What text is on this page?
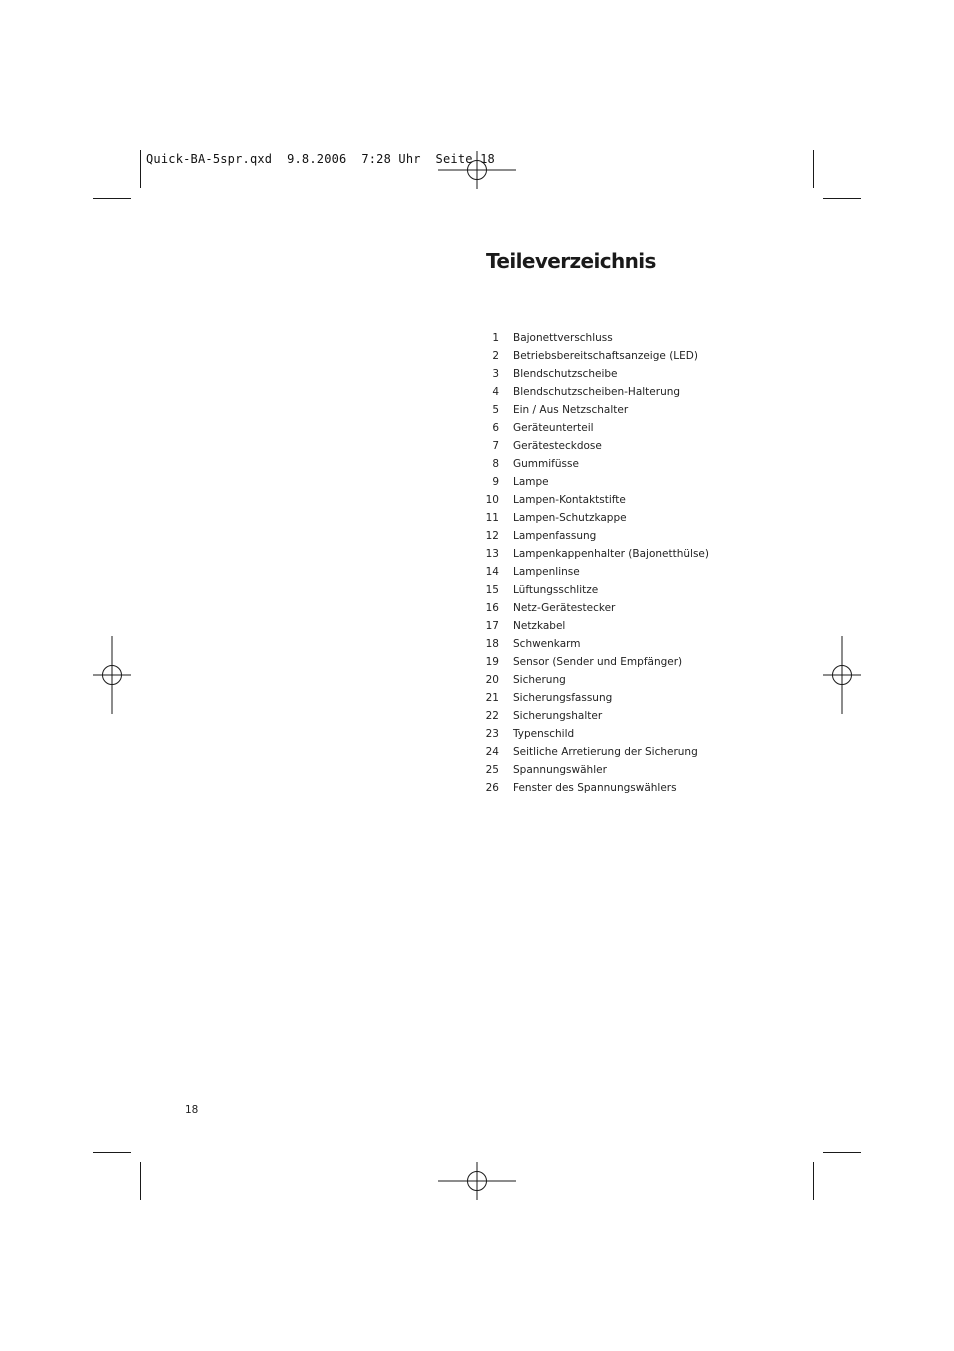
Quick-BA-5spr.qxd  9.8.2006  7:28 Uhr  Seite 18
Teileverzeichnis
1 Bajonettverschluss
2 Betriebsbereitschaftsanzeige (LED)
3 Blendschutzscheibe
4 Blendschutzscheiben-Halterung
5 Ein / Aus Netzschalter
6 Geräteunterteil
7 Gerätesteckdose
8 Gummifüsse
9 Lampe
10 Lampen-Kontaktstifte
11 Lampen-Schutzkappe
12 Lampenfassung
13 Lampenkappenhalter (Bajonetthülse)
14 Lampenlinse
15 Lüftungsschlitze
16 Netz-Gerätestecker
17 Netzkabel
18 Schwenkarm
19 Sensor (Sender und Empfänger)
20 Sicherung
21 Sicherungsfassung
22 Sicherungshalter
23 Typenschild
24 Seitliche Arretierung der Sicherung
25 Spannungswähler
26 Fenster des Spannungswählers
18
